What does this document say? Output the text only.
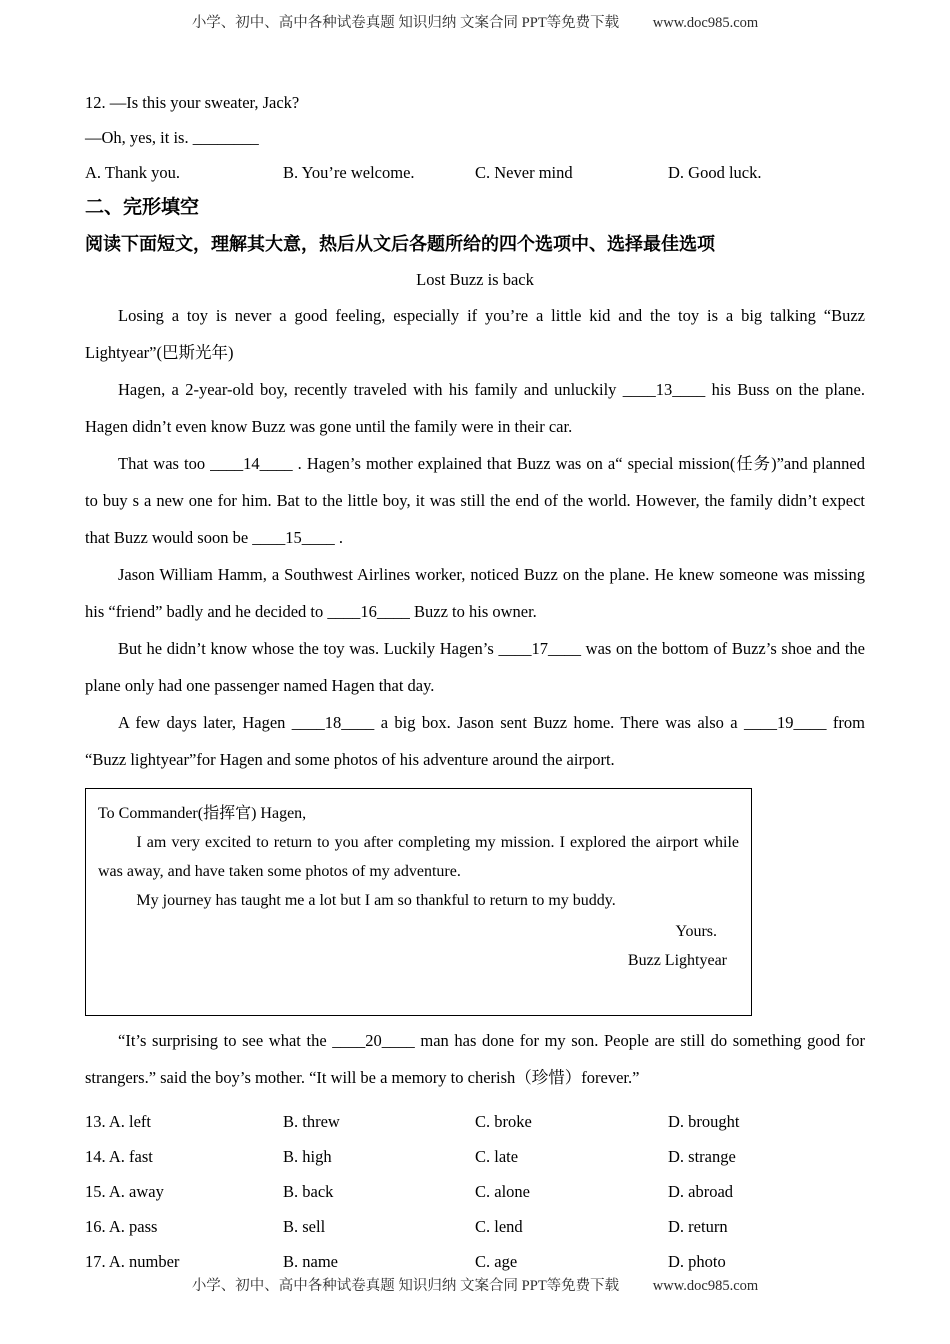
小学、初中、高中各种试卷真题 知识归纳 文案合同 PPT等免费下载 www.doc985.com

12. —Is this your sweater, Jack?

—Oh, yes, it is. ________

A. Thank you.	B. You’re welcome.	C. Never mind	D. Good luck.

二、完形填空

阅读下面短文，理解其大意，热后从文后各题所给的四个选项中、选择最佳选项

Lost Buzz is back

Losing a toy is never a good feeling, especially if you’re a little kid and the toy is a big talking “Buzz Lightyear”(巴斯光年)

Hagen, a 2-year-old boy, recently traveled with his family and unluckily ____13____ his Buss on the plane. Hagen didn’t even know Buzz was gone until the family were in their car.

That was too ____14____ . Hagen’s mother explained that Buzz was on a“ special mission(任务)”and planned to buy s a new one for him. Bat to the little boy, it was still the end of the world. However, the family didn’t expect that Buzz would soon be ____15____ .

Jason William Hamm, a Southwest Airlines worker, noticed Buzz on the plane. He knew someone was missing his “friend” badly and he decided to ____16____ Buzz to his owner.

But he didn’t know whose the toy was. Luckily Hagen’s ____17____ was on the bottom of Buzz’s shoe and the plane only had one passenger named Hagen that day.

A few days later, Hagen ____18____ a big box. Jason sent Buzz home. There was also a ____19____ from “Buzz lightyear”for Hagen and some photos of his adventure around the airport.

To Commander(指挥官) Hagen,

I am very excited to return to you after completing my mission. I explored the airport while was away, and have taken some photos of my adventure.

My journey has taught me a lot but I am so thankful to return to my buddy.

Yours.

Buzz Lightyear

“It’s surprising to see what the ____20____ man has done for my son. People are still do something good for strangers.” said the boy’s mother. “It will be a memory to cherish（珍惜）forever.”

13. A. left	B. threw	C. broke	D. brought
14. A. fast	B. high	C. late	D. strange
15. A. away	B. back	C. alone	D. abroad
16. A. pass	B. sell	C. lend	D. return
17. A. number	B. name	C. age	D. photo
小学、初中、高中各种试卷真题 知识归纳 文案合同 PPT等免费下载 www.doc985.com
